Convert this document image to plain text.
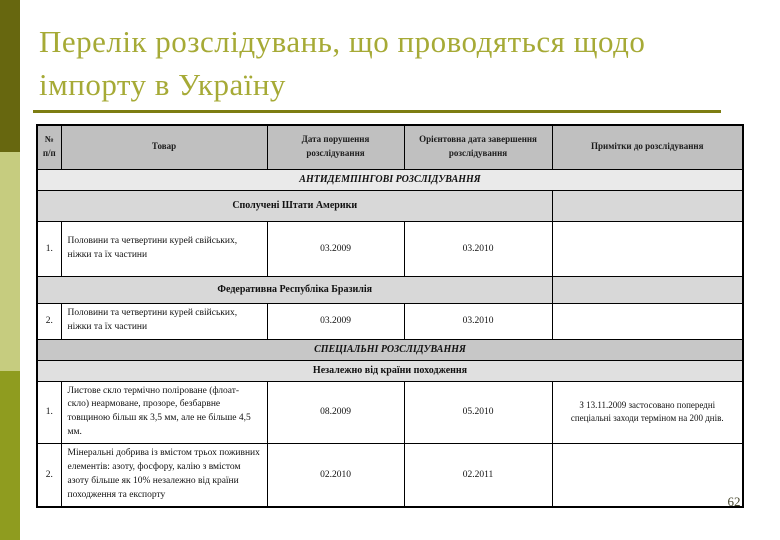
Перелік розслідувань, що проводяться щодо імпорту в Україну
№ п/п	Товар	Дата порушення розслідування	Орієнтовна дата завершення розслідування	Примітки до розслідування
АНТИДЕМПІНГОВІ РОЗСЛІДУВАННЯ				
Сполучені Штати Америки				
1.	Половини та четвертини курей свійських, ніжки та їх частини	03.2009	03.2010	
Федеративна Республіка Бразилія				
2.	Половини та четвертини курей свійських, ніжки та їх частини	03.2009	03.2010	
СПЕЦІАЛЬНІ РОЗСЛІДУВАННЯ				
Незалежно від країни походження				
1.	Листове скло термічно поліроване (флоат-скло) неармоване, прозоре, безбарвне товщиною більш як 3,5 мм, але не більше 4,5 мм.	08.2009	05.2010	З 13.11.2009 застосовано попередні спеціальні заходи терміном на 200 днів.
2.	Мінеральні добрива із вмістом трьох поживних елементів: азоту, фосфору, калію з вмістом азоту більше як 10% незалежно від країни походження та експорту	02.2010	02.2011	
62
